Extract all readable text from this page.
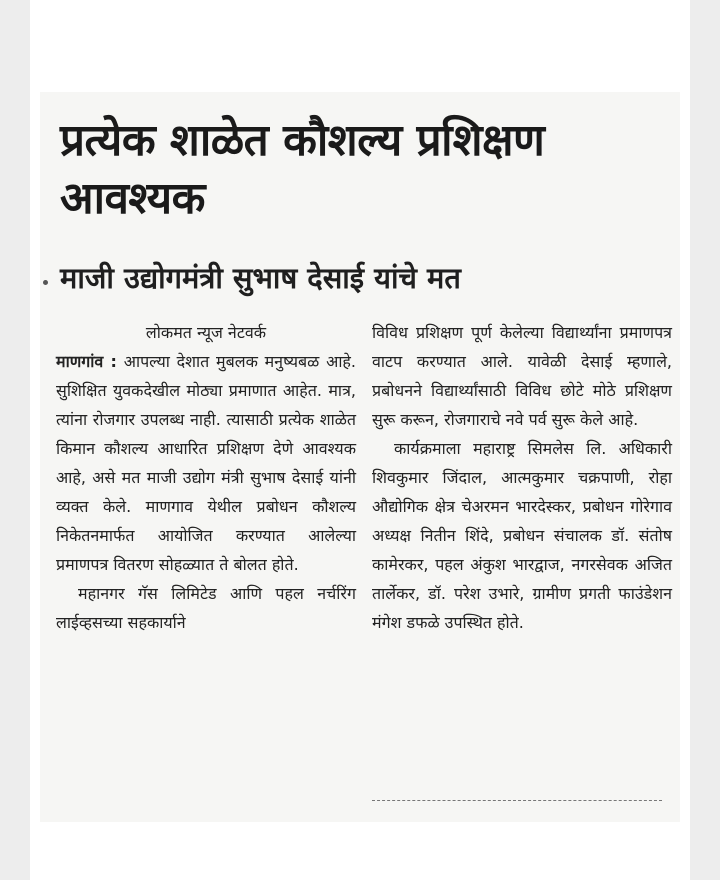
प्रत्येक शाळेत कौशल्य प्रशिक्षण आवश्यक
माजी उद्योगमंत्री सुभाष देसाई यांचे मत

लोकमत न्यूज नेटवर्क

माणगांव : आपल्या देशात मुबलक मनुष्यबळ आहे. सुशिक्षित युवकदेखील मोठ्या प्रमाणात आहेत. मात्र, त्यांना रोजगार उपलब्ध नाही. त्यासाठी प्रत्येक शाळेत किमान कौशल्य आधारित प्रशिक्षण देणे आवश्यक आहे, असे मत माजी उद्योग मंत्री सुभाष देसाई यांनी व्यक्त केले. माणगाव येथील प्रबोधन कौशल्य निकेतनमार्फत आयोजित करण्यात आलेल्या प्रमाणपत्र वितरण सोहळ्यात ते बोलत होते.

महानगर गॅस लिमिटेड आणि पहल नर्चरिंग लाईव्हसच्या सहकार्याने

विविध प्रशिक्षण पूर्ण केलेल्या विद्यार्थ्यांना प्रमाणपत्र वाटप करण्यात आले. यावेळी देसाई म्हणाले, प्रबोधनने विद्यार्थ्यांसाठी विविध छोटे मोठे प्रशिक्षण सुरू करून, रोजगाराचे नवे पर्व सुरू केले आहे.

कार्यक्रमाला महाराष्ट्र सिमलेस लि. अधिकारी शिवकुमार जिंदाल, आत्मकुमार चक्रपाणी, रोहा औद्योगिक क्षेत्र चेअरमन भारदेस्कर, प्रबोधन गोरेगाव अध्यक्ष नितीन शिंदे, प्रबोधन संचालक डॉ. संतोष कामेरकर, पहल अंकुश भारद्वाज, नगरसेवक अजित तार्लेकर, डॉ. परेश उभारे, ग्रामीण प्रगती फाउंडेशन मंगेश डफळे उपस्थित होते.
